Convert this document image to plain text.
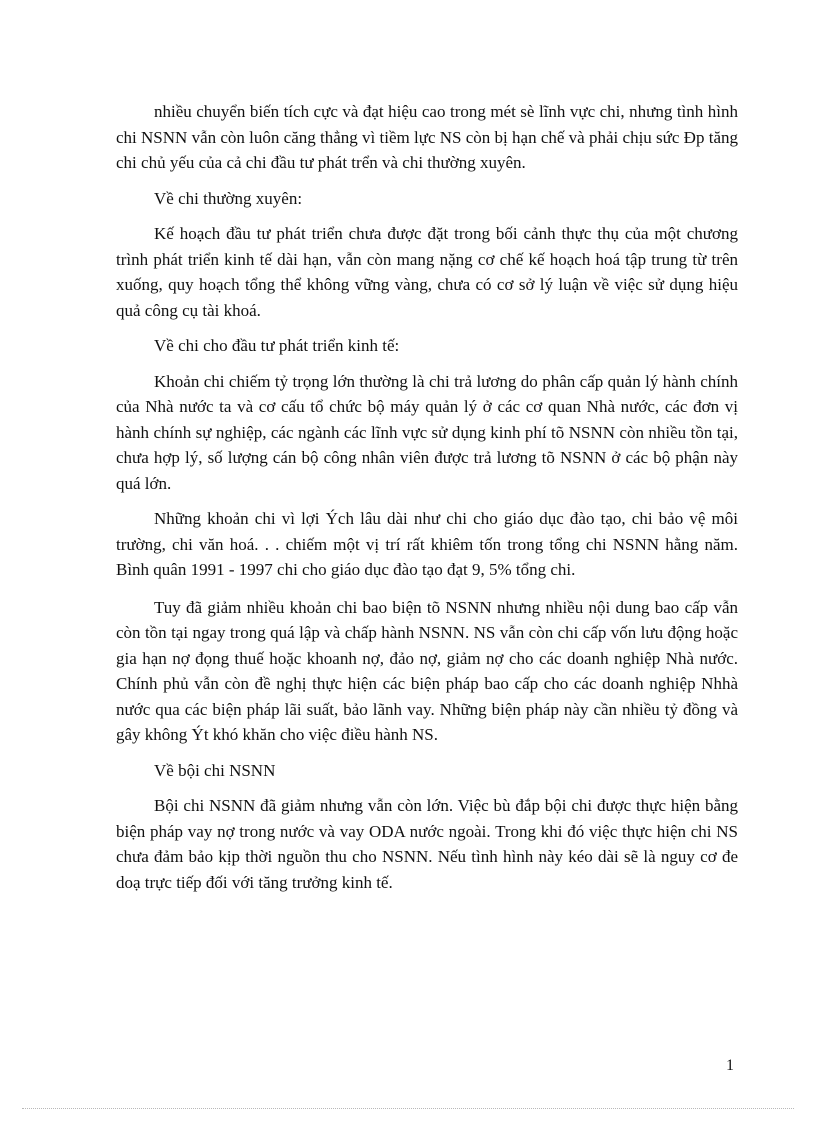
nhiều chuyển biến tích cực và đạt hiệu cao trong mét sè lĩnh vực chi, nhưng tình hình chi NSNN vẫn còn luôn căng thẳng vì tiềm lực NS còn bị hạn chế và phải chịu sức Ðp tăng chi chủ yếu của cả chi đầu tư phát trển và chi thường xuyên.

Về chi thường xuyên:

Kế hoạch đầu tư phát triển chưa được đặt trong bối cảnh thực thụ của một chương trình phát triển kinh tế dài hạn, vẫn còn mang nặng cơ chế kế hoạch hoá tập trung từ trên xuống, quy hoạch tổng thể không vững vàng, chưa có cơ sở lý luận về việc sử dụng hiệu quả công cụ tài khoá.

Về chi cho đầu tư phát triển kinh tế:

Khoản chi chiếm tỷ trọng lớn thường là chi trả lương do phân cấp quản lý hành chính của Nhà nước ta và cơ cấu tổ chức bộ máy quản lý ở các cơ quan Nhà nước, các đơn vị hành chính sự nghiệp, các ngành các lĩnh vực sử dụng kinh phí tõ NSNN còn nhiều tồn tại, chưa hợp lý, số lượng cán bộ công nhân viên được trả lương tõ NSNN ở các bộ phận này quá lớn.

Những khoản chi vì lợi Ých lâu dài như chi cho giáo dục đào tạo, chi bảo vệ môi trường, chi văn hoá. . . chiếm một vị trí rất khiêm tốn trong tổng chi NSNN hằng năm. Bình quân 1991 - 1997 chi cho giáo dục đào tạo đạt 9, 5% tổng chi.

Tuy đã giảm nhiều khoản chi bao biện tõ NSNN nhưng nhiều nội dung bao cấp vẫn còn tồn tại ngay trong quá lập và chấp hành NSNN. NS vẫn còn chi cấp vốn lưu động hoặc gia hạn nợ đọng thuế hoặc khoanh nợ, đảo nợ, giảm nợ cho các doanh nghiệp Nhà nước. Chính phủ vẫn còn đề nghị thực hiện các biện pháp bao cấp cho các doanh nghiệp Nhhà nước qua các biện pháp lãi suất, bảo lãnh vay. Những biện pháp này cần nhiều tỷ đồng và gây không Ýt khó khăn cho việc điều hành NS.

Về bội chi NSNN

Bội chi NSNN đã giảm nhưng vẫn còn lớn. Việc bù đắp bội chi được thực hiện bằng biện pháp vay nợ trong nước và vay ODA nước ngoài. Trong khi đó việc thực hiện chi NS chưa đảm bảo kịp thời nguồn thu cho NSNN. Nếu tình hình này kéo dài sẽ là nguy cơ đe doạ trực tiếp đối với tăng trưởng kinh tế.

1
